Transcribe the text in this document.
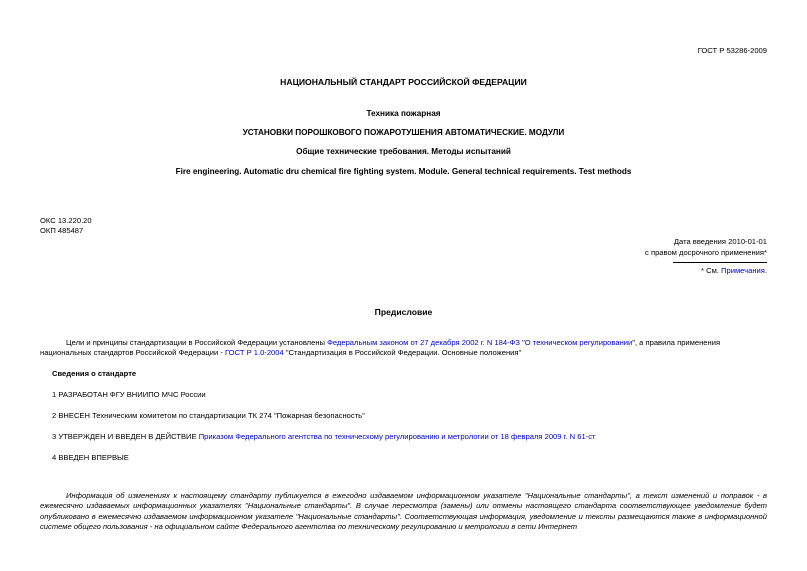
ГОСТ Р 53286-2009
НАЦИОНАЛЬНЫЙ СТАНДАРТ РОССИЙСКОЙ ФЕДЕРАЦИИ
Техника пожарная
УСТАНОВКИ ПОРОШКОВОГО ПОЖАРОТУШЕНИЯ АВТОМАТИЧЕСКИЕ. МОДУЛИ
Общие технические требования. Методы испытаний
Fire engineering. Automatic dru chemical fire fighting system. Module. General technical requirements. Test methods
ОКС 13.220.20
ОКП 485487
Дата введения 2010-01-01
с правом досрочного применения*
* См. Примечания.
Предисловие
Цели и принципы стандартизации в Российской Федерации установлены Федеральным законом от 27 декабря 2002 г. N 184-ФЗ "О техническом регулировании", а правила применения национальных стандартов Российской Федерации - ГОСТ Р 1.0-2004 "Стандартизация в Российской Федерации. Основные положения"
Сведения о стандарте
1 РАЗРАБОТАН ФГУ ВНИИПО МЧС России
2 ВНЕСЕН Техническим комитетом по стандартизации ТК 274 "Пожарная безопасность"
3 УТВЕРЖДЕН И ВВЕДЕН В ДЕЙСТВИЕ Приказом Федерального агентства по техническому регулированию и метрологии от 18 февраля 2009 г. N 61-ст
4 ВВЕДЕН ВПЕРВЫЕ
Информация об изменениях к настоящему стандарту публикуется в ежегодно издаваемом информационном указателе "Национальные стандарты", а текст изменений и поправок - в ежемесячно издаваемых информационных указателях "Национальные стандарты". В случае пересмотра (замены) или отмены настоящего стандарта соответствующее уведомление будет опубликовано в ежемесячно издаваемом информационном указателе "Национальные стандарты". Соответствующая информация, уведомление и тексты размещаются также в информационной системе общего пользования - на официальном сайте Федерального агентства по техническому регулированию и метрологии в сети Интернет
